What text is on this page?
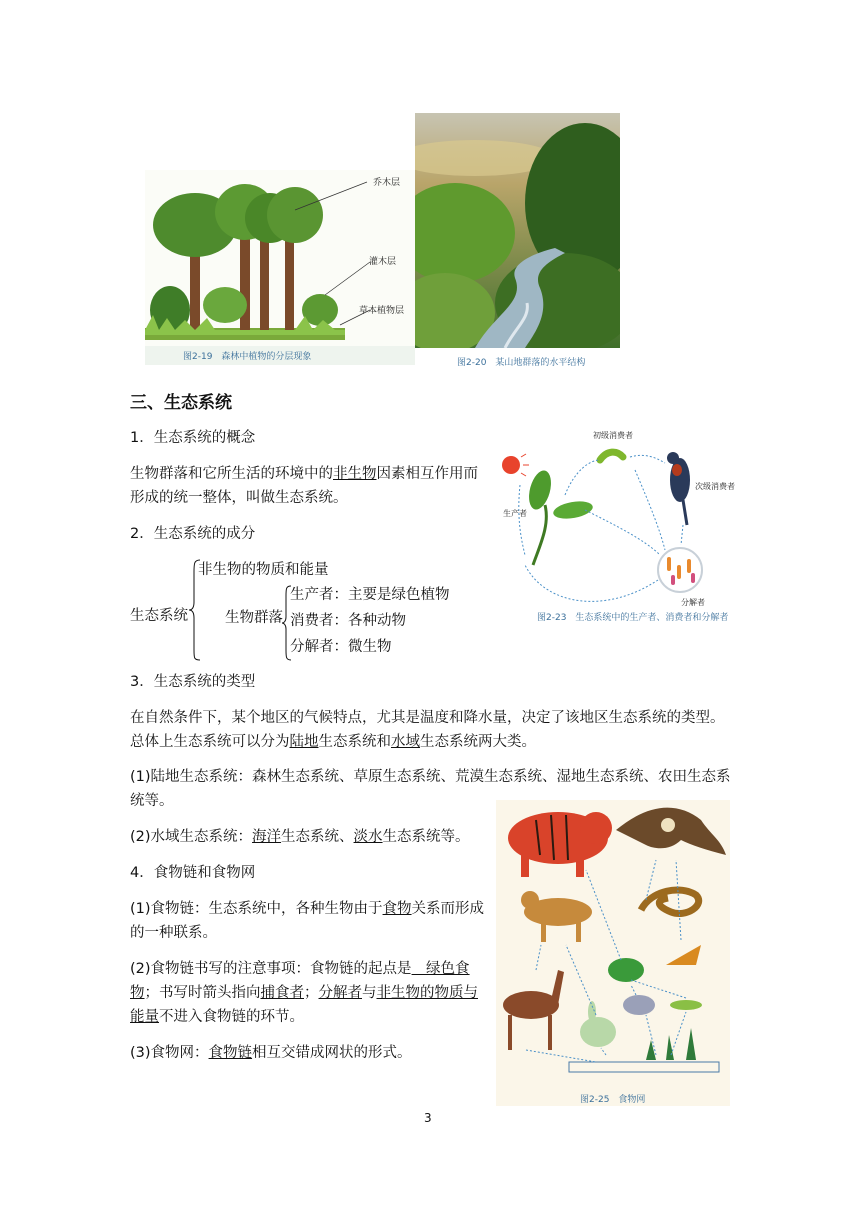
乔木层
灌木层
草本植物层
图2-19　森林中植物的分层现象
图2-20　某山地群落的水平结构
三、生态系统
1．生态系统的概念
生物群落和它所生活的环境中的非生物因素相互作用而形成的统一整体，叫做生态系统。
初级消费者
次级消费者
生产者
分解者
图2-23　生态系统中的生产者、消费者和分解者
2．生态系统的成分
生态系统
非生物的物质和能量
生物群落
生产者：主要是绿色植物
消费者：各种动物
分解者：微生物
3．生态系统的类型
在自然条件下，某个地区的气候特点，尤其是温度和降水量，决定了该地区生态系统的类型。
总体上生态系统可以分为陆地生态系统和水域生态系统两大类。
(1)陆地生态系统：森林生态系统、草原生态系统、荒漠生态系统、湿地生态系统、农田生态系统等。
(2)水域生态系统：海洋生态系统、淡水生态系统等。
图2-25　食物网
4．食物链和食物网
(1)食物链：生态系统中，各种生物由于食物关系而形成的一种联系。
(2)食物链书写的注意事项：食物链的起点是　绿色食物；书写时箭头指向捕食者；分解者与非生物的物质与能量不进入食物链的环节。
(3)食物网：食物链相互交错成网状的形式。
3
